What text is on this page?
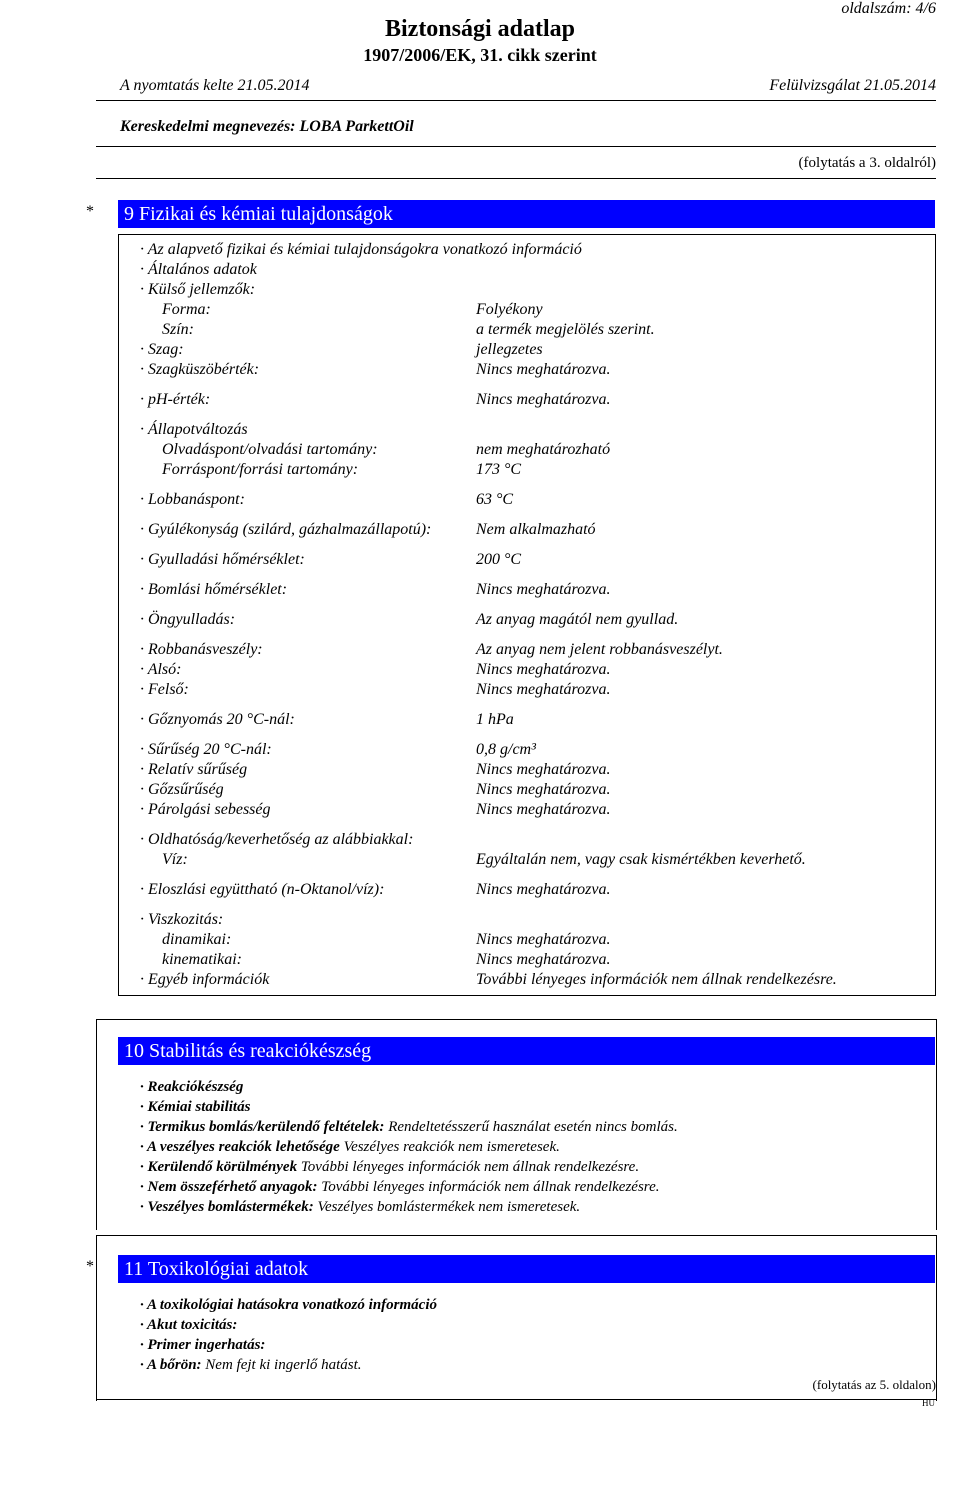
oldalszám: 4/6
Biztonsági adatlap
1907/2006/EK, 31. cikk szerint
A nyomtatás kelte 21.05.2014	Felülvizsgálat 21.05.2014
Kereskedelmi megnevezés: LOBA ParkettOil
(folytatás a 3. oldalról)
*	9 Fizikai és kémiai tulajdonságok
· Az alapvető fizikai és kémiai tulajdonságokra vonatkozó információ
· Általános adatok
· Külső jellemzők:
Forma:	Folyékony
Szín:	a termék megjelölés szerint.
· Szag:	jellegzetes
· Szagküszöbérték:	Nincs meghatározva.
· pH-érték:	Nincs meghatározva.
· Állapotváltozás
Olvadáspont/olvadási tartomány:	nem meghatározható
Forráspont/forrási tartomány:	173 °C
· Lobbanáspont:	63 °C
· Gyúlékonyság (szilárd, gázhalmazállapotú):	Nem alkalmazható
· Gyulladási hőmérséklet:	200 °C
· Bomlási hőmérséklet:	Nincs meghatározva.
· Öngyulladás:	Az anyag magától nem gyullad.
· Robbanásveszély:	Az anyag nem jelent robbanásveszélyt.
· Alsó:	Nincs meghatározva.
· Felső:	Nincs meghatározva.
· Gőznyomás 20 °C-nál:	1 hPa
· Sűrűség 20 °C-nál:	0,8 g/cm³
· Relatív sűrűség	Nincs meghatározva.
· Gőzsűrűség	Nincs meghatározva.
· Párolgási sebesség	Nincs meghatározva.
· Oldhatóság/keverhetőség az alábbiakkal:
Víz:	Egyáltalán nem, vagy csak kismértékben keverhető.
· Eloszlási együttható (n-Oktanol/víz):	Nincs meghatározva.
· Viszkozitás:
dinamikai:	Nincs meghatározva.
kinematikai:	Nincs meghatározva.
· Egyéb információk	További lényeges információk nem állnak rendelkezésre.
10 Stabilitás és reakciókészség
· Reakciókészség
· Kémiai stabilitás
· Termikus bomlás/kerülendő feltételek: Rendeltetésszerű használat esetén nincs bomlás.
· A veszélyes reakciók lehetősége Veszélyes reakciók nem ismeretesek.
· Kerülendő körülmények További lényeges információk nem állnak rendelkezésre.
· Nem összeférhető anyagok: További lényeges információk nem állnak rendelkezésre.
· Veszélyes bomlástermékek: Veszélyes bomlástermékek nem ismeretesek.
*	11 Toxikológiai adatok
· A toxikológiai hatásokra vonatkozó információ
· Akut toxicitás:
· Primer ingerhatás:
· A bőrön: Nem fejt ki ingerlő hatást.
(folytatás az 5. oldalon)
HU
